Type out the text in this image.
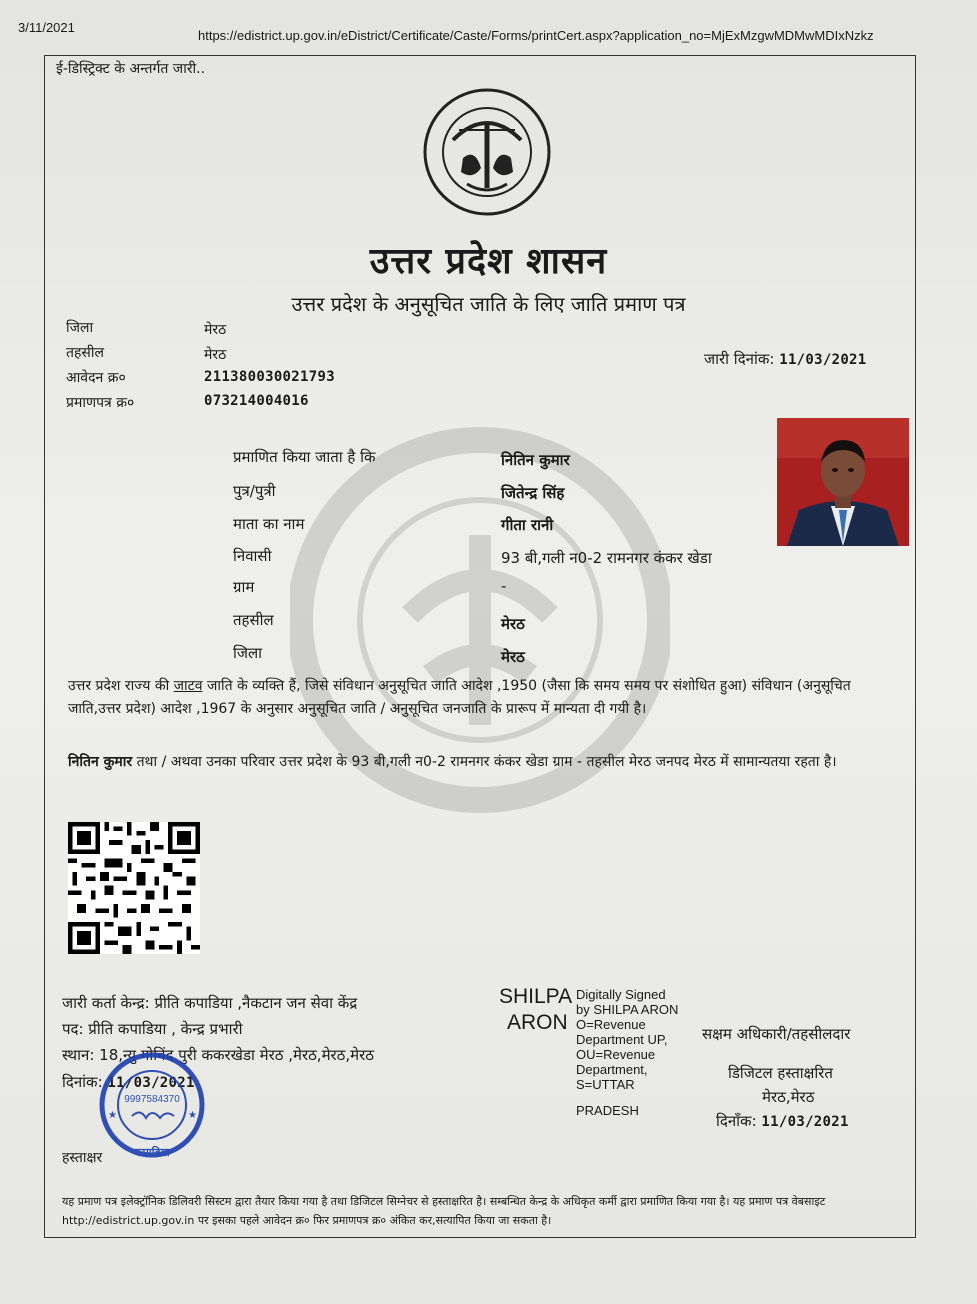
3/11/2021
https://edistrict.up.gov.in/eDistrict/Certificate/Caste/Forms/printCert.aspx?application_no=MjExMzgwMDMwMDIxNzkz
ई-डिस्ट्रिक्ट के अन्तर्गत जारी..
उत्तर प्रदेश शासन
उत्तर प्रदेश के अनुसूचित जाति के लिए जाति प्रमाण पत्र
जिला	मेरठ
तहसील	मेरठ
आवेदन क्र०	211380030021793
प्रमाणपत्र क्र०	073214004016
जारी दिनांक: 11/03/2021
प्रमाणित किया जाता है कि	नितिन कुमार
पुत्र/पुत्री	जितेन्द्र सिंह
माता का नाम	गीता रानी
निवासी	93 बी,गली न0-2 रामनगर कंकर खेडा
ग्राम	-
तहसील	मेरठ
जिला	मेरठ
उत्तर प्रदेश राज्य की जाटव जाति के व्यक्ति हैं, जिसे संविधान अनुसूचित जाति आदेश ,1950 (जैसा कि समय समय पर संशोधित हुआ) संविधान (अनुसूचित जाति,उत्तर प्रदेश) आदेश ,1967 के अनुसार अनुसूचित जाति / अनुसूचित जनजाति के प्रारूप में मान्यता दी गयी है।
नितिन कुमार तथा / अथवा उनका परिवार उत्तर प्रदेश के 93 बी,गली न0-2 रामनगर कंकर खेडा ग्राम - तहसील मेरठ जनपद मेरठ में सामान्यतया रहता है।
जारी कर्ता केन्द्र: प्रीति कपाडिया ,नैकटान जन सेवा केंद्र
पद: प्रीति कपाडिया , केन्द्र प्रभारी
स्थान: 18,न्यु गोविंद पुरी ककरखेडा मेरठ ,मेरठ,मेरठ,मेरठ
दिनांक: 11/03/2021
हस्ताक्षर
9997584370
कपाडिया
★	★
SHILPA
ARON
Digitally Signed
by SHILPA ARON
O=Revenue
Department UP,
OU=Revenue
Department,
S=UTTAR
PRADESH
सक्षम अधिकारी/तहसीलदार
डिजिटल हस्ताक्षरित
मेरठ,मेरठ
दिनाँक: 11/03/2021
यह प्रमाण पत्र इलेक्ट्रॉनिक डिलिवरी सिस्टम द्वारा तैयार किया गया है तथा डिजिटल सिग्नेचर से हस्ताक्षरित है। सम्बन्धित केन्द्र के अधिकृत कर्मी द्वारा प्रमाणित किया गया है। यह प्रमाण पत्र वेबसाइट http://edistrict.up.gov.in पर इसका पहले आवेदन क्र० फिर प्रमाणपत्र क्र० अंकित कर,सत्यापित किया जा सकता है।
